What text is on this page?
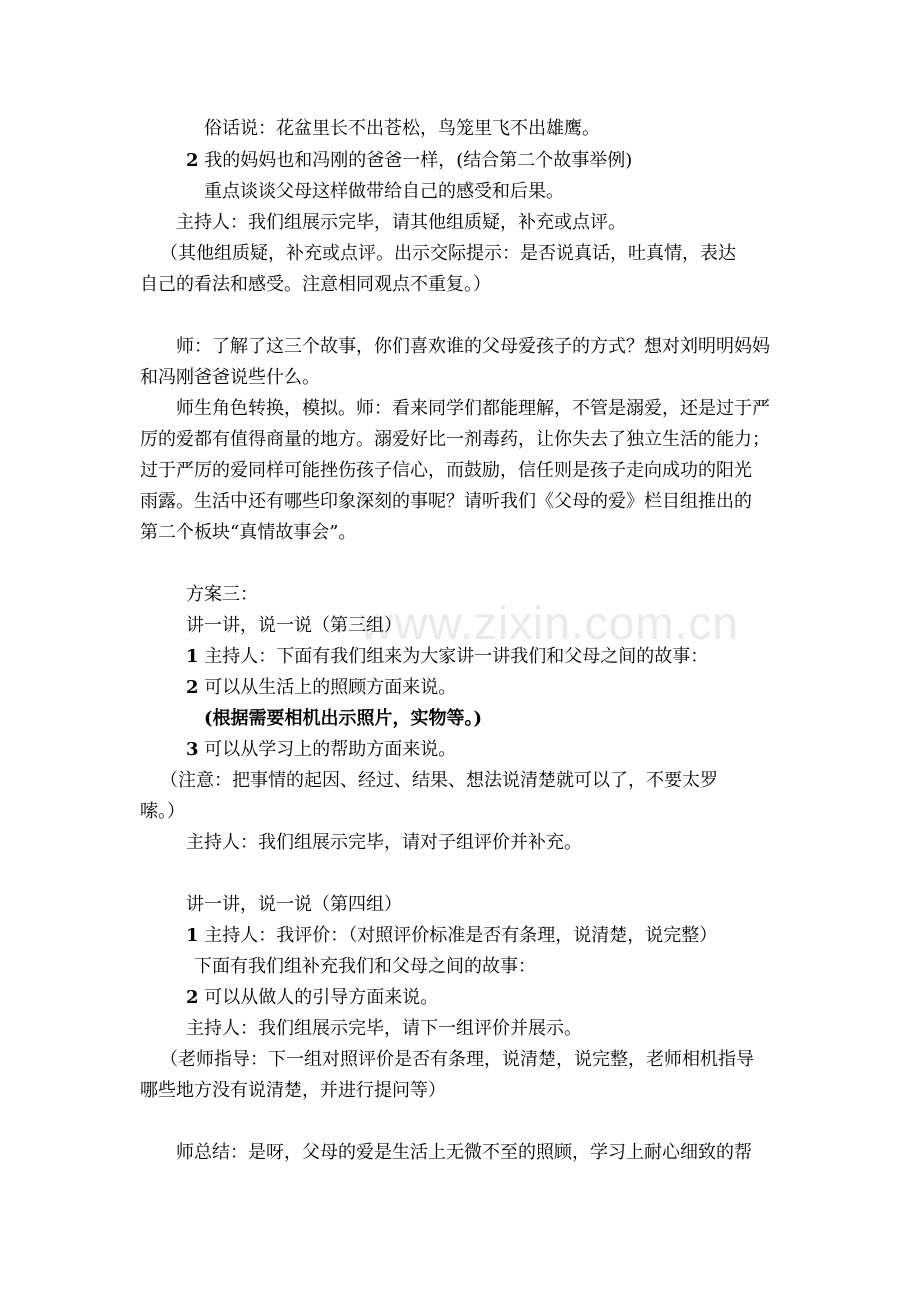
www.zixin.com.cn
俗话说：花盆里长不出苍松，鸟笼里飞不出雄鹰。
2 我的妈妈也和冯刚的爸爸一样，(结合第二个故事举例)
重点谈谈父母这样做带给自己的感受和后果。
主持人：我们组展示完毕，请其他组质疑，补充或点评。
（其他组质疑，补充或点评。出示交际提示：是否说真话，吐真情，表达
自己的看法和感受。注意相同观点不重复。）
师：了解了这三个故事，你们喜欢谁的父母爱孩子的方式？想对刘明明妈妈
和冯刚爸爸说些什么。
师生角色转换，模拟。师：看来同学们都能理解，不管是溺爱，还是过于严
厉的爱都有值得商量的地方。溺爱好比一剂毒药，让你失去了独立生活的能力；
过于严厉的爱同样可能挫伤孩子信心，而鼓励，信任则是孩子走向成功的阳光
雨露。生活中还有哪些印象深刻的事呢？请听我们《父母的爱》栏目组推出的
第二个板块“真情故事会”。
方案三：
讲一讲，说一说（第三组）
1 主持人：下面有我们组来为大家讲一讲我们和父母之间的故事：
2 可以从生活上的照顾方面来说。
(根据需要相机出示照片，实物等。)
3 可以从学习上的帮助方面来说。
（注意：把事情的起因、经过、结果、想法说清楚就可以了，不要太罗
嗦。）
主持人：我们组展示完毕，请对子组评价并补充。
讲一讲，说一说（第四组）
1 主持人：我评价：（对照评价标准是否有条理，说清楚，说完整）
下面有我们组补充我们和父母之间的故事：
2 可以从做人的引导方面来说。
主持人：我们组展示完毕，请下一组评价并展示。
（老师指导：下一组对照评价是否有条理，说清楚，说完整，老师相机指导
哪些地方没有说清楚，并进行提问等）
师总结：是呀，父母的爱是生活上无微不至的照顾，学习上耐心细致的帮
